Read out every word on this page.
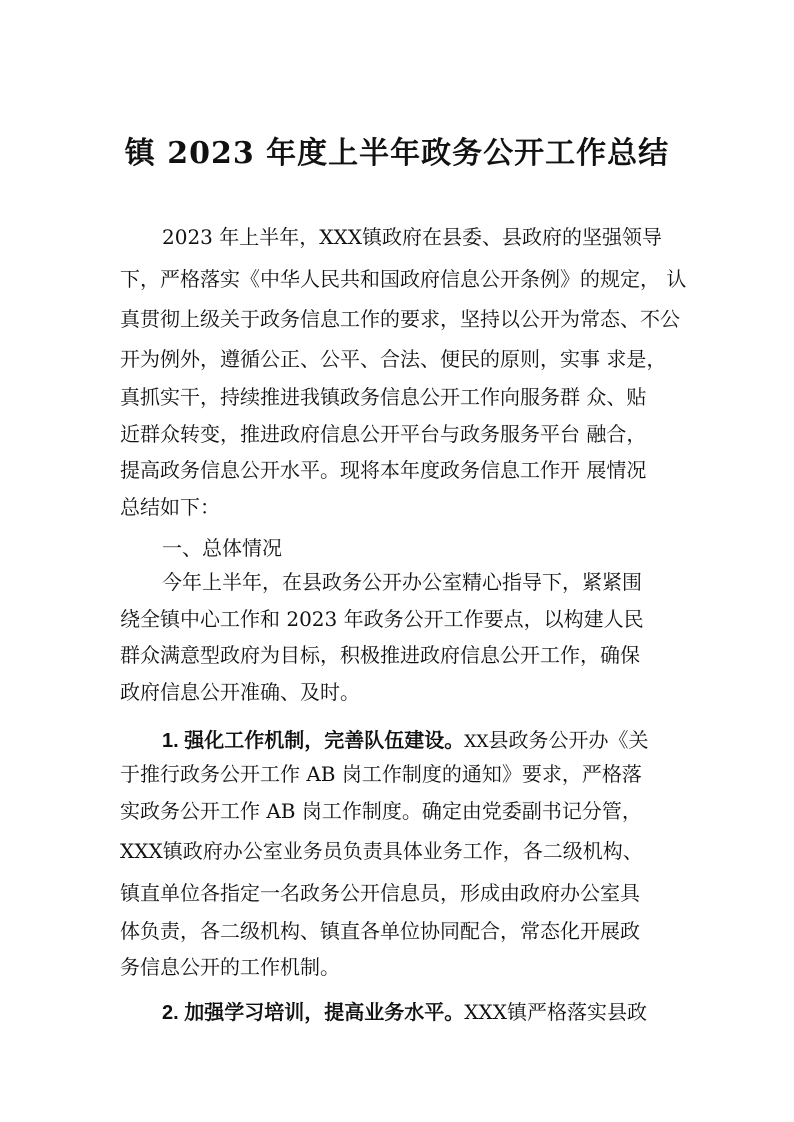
镇 2023 年度上半年政务公开工作总结
2023 年上半年，XXX镇政府在县委、县政府的坚强领导
下，严格落实《中华人民共和国政府信息公开条例》的规定， 认
真贯彻上级关于政务信息工作的要求，坚持以公开为常态、不公
开为例外，遵循公正、公平、合法、便民的原则，实事 求是，
真抓实干，持续推进我镇政务信息公开工作向服务群 众、贴
近群众转变，推进政府信息公开平台与政务服务平台 融合，
提高政务信息公开水平。现将本年度政务信息工作开 展情况
总结如下：
一、总体情况
今年上半年，在县政务公开办公室精心指导下，紧紧围
绕全镇中心工作和 2023 年政务公开工作要点，以构建人民
群众满意型政府为目标，积极推进政府信息公开工作，确保
政府信息公开准确、及时。
1. 强化工作机制，完善队伍建设。XX县政务公开办《关
于推行政务公开工作 AB 岗工作制度的通知》要求，严格落
实政务公开工作 AB 岗工作制度。确定由党委副书记分管，
XXX镇政府办公室业务员负责具体业务工作，各二级机构、
镇直单位各指定一名政务公开信息员，形成由政府办公室具
体负责，各二级机构、镇直各单位协同配合，常态化开展政
务信息公开的工作机制。
2. 加强学习培训，提高业务水平。XXX镇严格落实县政
